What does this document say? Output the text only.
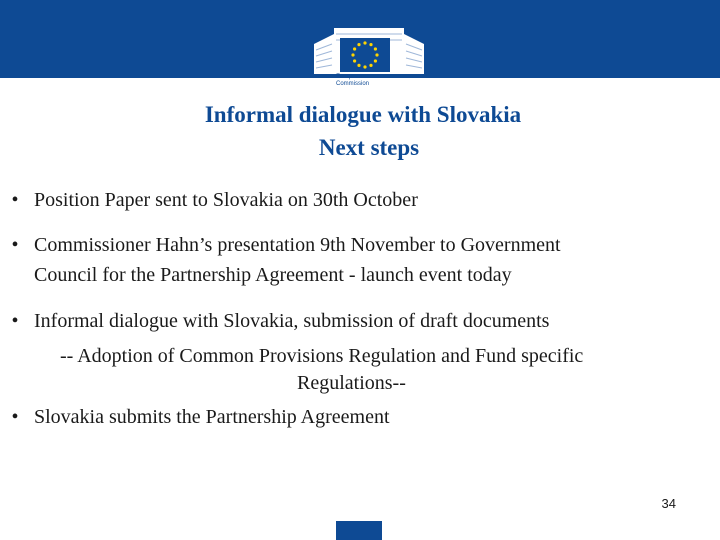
European
Commission
Informal dialogue with Slovakia
Next steps
• Position Paper sent to Slovakia on 30th October
• Commissioner Hahn’s presentation 9th November to Government
Council for the Partnership Agreement - launch event today
• Informal dialogue with Slovakia, submission of draft documents
-- Adoption of Common Provisions Regulation and Fund specific
Regulations--
• Slovakia submits the Partnership Agreement
34
